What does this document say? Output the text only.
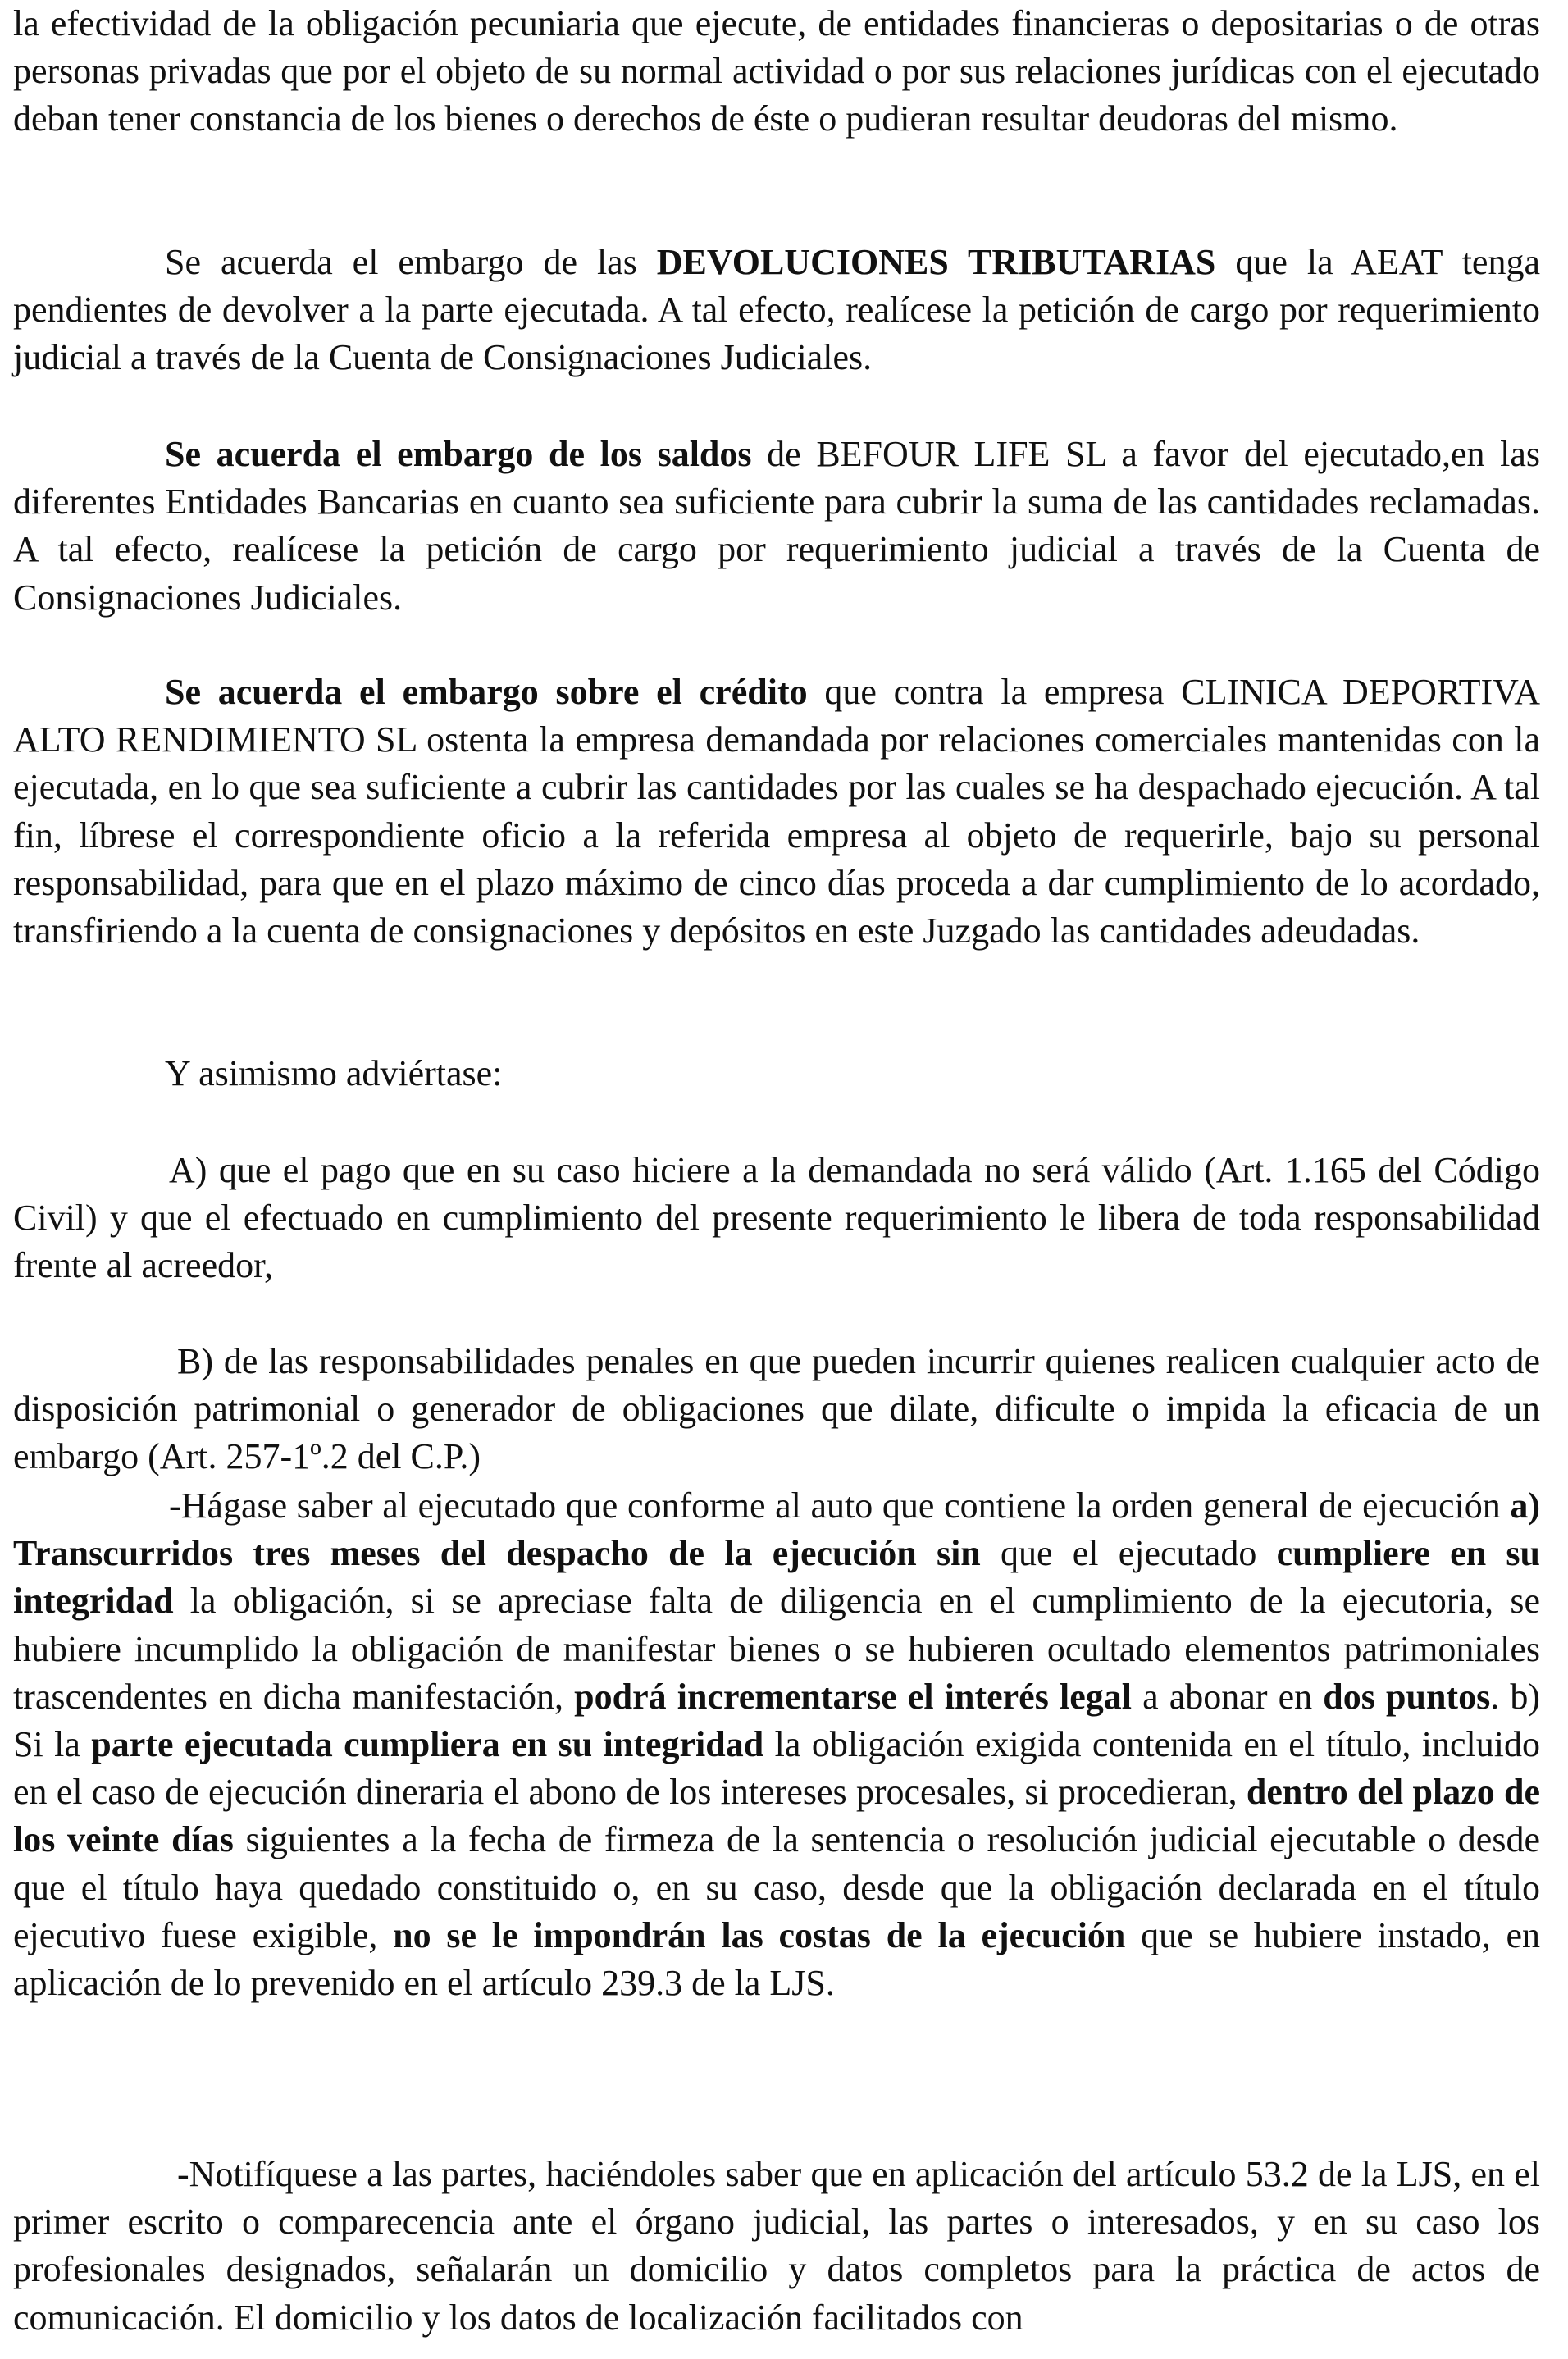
la efectividad de la obligación pecuniaria que ejecute, de entidades financieras o depositarias o de otras personas privadas que por el objeto de su normal actividad o por sus relaciones jurídicas con el ejecutado deban tener constancia de los bienes o derechos de éste o pudieran resultar deudoras del mismo.

Se acuerda el embargo de las DEVOLUCIONES TRIBUTARIAS que la AEAT tenga pendientes de devolver a la parte ejecutada. A tal efecto, realícese la petición de cargo por requerimiento judicial a través de la Cuenta de Consignaciones Judiciales.

Se acuerda el embargo de los saldos de BEFOUR LIFE SL a favor del ejecutado,en las diferentes Entidades Bancarias en cuanto sea suficiente para cubrir la suma de las cantidades reclamadas. A tal efecto, realícese la petición de cargo por requerimiento judicial a través de la Cuenta de Consignaciones Judiciales.

Se acuerda el embargo sobre el crédito que contra la empresa CLINICA DEPORTIVA ALTO RENDIMIENTO SL ostenta la empresa demandada por relaciones comerciales mantenidas con la ejecutada, en lo que sea suficiente a cubrir las cantidades por las cuales se ha despachado ejecución. A tal fin, líbrese el correspondiente oficio a la referida empresa al objeto de requerirle, bajo su personal responsabilidad, para que en el plazo máximo de cinco días proceda a dar cumplimiento de lo acordado, transfiriendo a la cuenta de consignaciones y depósitos en este Juzgado las cantidades adeudadas.

Y asimismo adviértase:

A) que el pago que en su caso hiciere a la demandada no será válido (Art. 1.165 del Código Civil) y que el efectuado en cumplimiento del presente requerimiento le libera de toda responsabilidad frente al acreedor,

B) de las responsabilidades penales en que pueden incurrir quienes realicen cualquier acto de disposición patrimonial o generador de obligaciones que dilate, dificulte o impida la eficacia de un embargo (Art. 257-1º.2 del C.P.)

-Hágase saber al ejecutado que conforme al auto que contiene la orden general de ejecución a) Transcurridos tres meses del despacho de la ejecución sin que el ejecutado cumpliere en su integridad la obligación, si se apreciase falta de diligencia en el cumplimiento de la ejecutoria, se hubiere incumplido la obligación de manifestar bienes o se hubieren ocultado elementos patrimoniales trascendentes en dicha manifestación, podrá incrementarse el interés legal a abonar en dos puntos. b) Si la parte ejecutada cumpliera en su integridad la obligación exigida contenida en el título, incluido en el caso de ejecución dineraria el abono de los intereses procesales, si procedieran, dentro del plazo de los veinte días siguientes a la fecha de firmeza de la sentencia o resolución judicial ejecutable o desde que el título haya quedado constituido o, en su caso, desde que la obligación declarada en el título ejecutivo fuese exigible, no se le impondrán las costas de la ejecución que se hubiere instado, en aplicación de lo prevenido en el artículo 239.3 de la LJS.

-Notifíquese a las partes, haciéndoles saber que en aplicación del artículo 53.2 de la LJS, en el primer escrito o comparecencia ante el órgano judicial, las partes o interesados, y en su caso los profesionales designados, señalarán un domicilio y datos completos para la práctica de actos de comunicación. El domicilio y los datos de localización facilitados con
